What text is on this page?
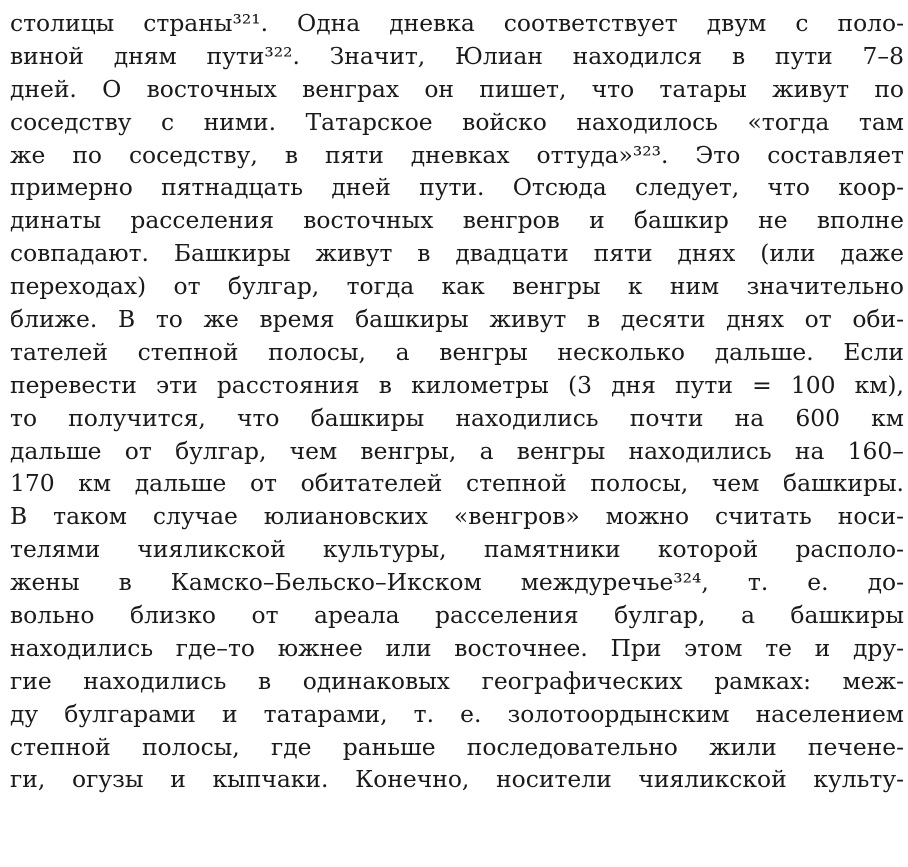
столицы страны³²¹. Одна дневка соответствует двум с поло-
виной дням пути³²². Значит, Юлиан находился в пути 7–8
дней. О восточных венграх он пишет, что татары живут по
соседству с ними. Татарское войско находилось «тогда там
же по соседству, в пяти дневках оттуда»³²³. Это составляет
примерно пятнадцать дней пути. Отсюда следует, что коор-
динаты расселения восточных венгров и башкир не вполне
совпадают. Башкиры живут в двадцати пяти днях (или даже
переходах) от булгар, тогда как венгры к ним значительно
ближе. В то же время башкиры живут в десяти днях от оби-
тателей степной полосы, а венгры несколько дальше. Если
перевести эти расстояния в километры (3 дня пути = 100 км),
то получится, что башкиры находились почти на 600 км
дальше от булгар, чем венгры, а венгры находились на 160–
170 км дальше от обитателей степной полосы, чем башкиры.
В таком случае юлиановских «венгров» можно считать носи-
телями чияликской культуры, памятники которой располо-
жены в Камско–Бельско–Икском междуречье³²⁴, т. е. до-
вольно близко от ареала расселения булгар, а башкиры
находились где–то южнее или восточнее. При этом те и дру-
гие находились в одинаковых географических рамках: меж-
ду булгарами и татарами, т. е. золотоордынским населением
степной полосы, где раньше последовательно жили печене-
ги, огузы и кыпчаки. Конечно, носители чияликской культу-
